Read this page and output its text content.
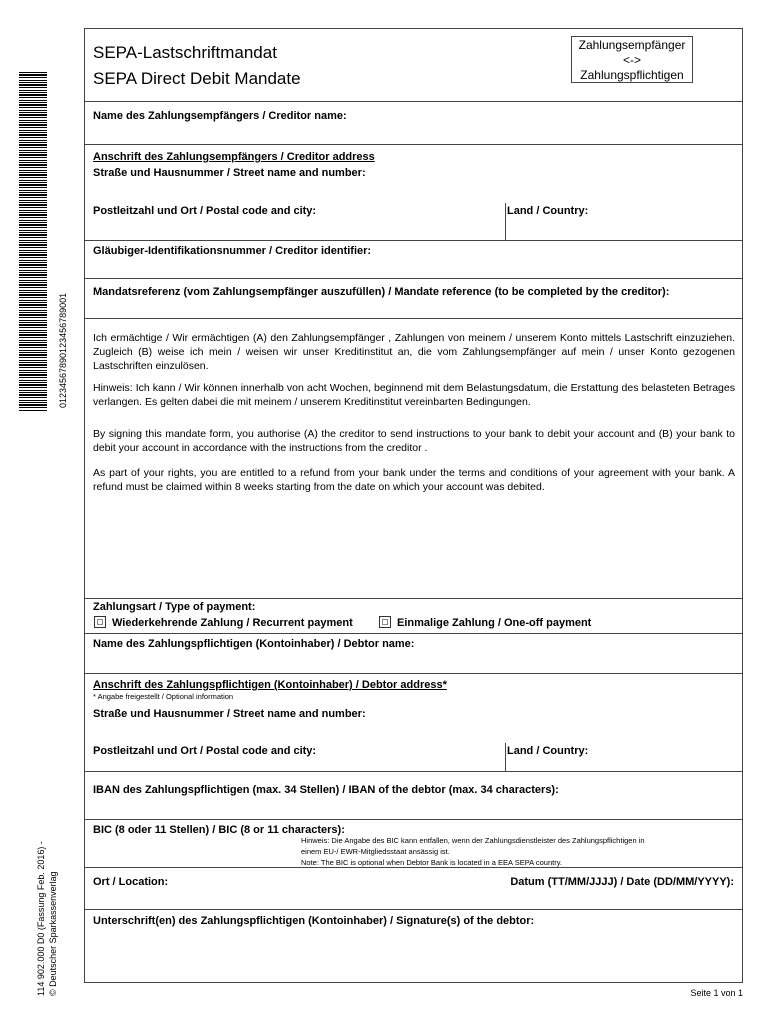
01234567890123456789001
114 902.000 D0 (Fassung Feb. 2016) - © Deutscher Sparkassenverlag
SEPA-Lastschriftmandat
SEPA Direct Debit Mandate
Zahlungsempfänger
<->
Zahlungspflichtigen
Name des Zahlungsempfängers / Creditor name:
Anschrift des Zahlungsempfängers / Creditor address
Straße und Hausnummer / Street name and number:
Postleitzahl und Ort / Postal code and city:	Land / Country:
Gläubiger-Identifikationsnummer / Creditor identifier:
Mandatsreferenz (vom Zahlungsempfänger auszufüllen) / Mandate reference (to be completed by the creditor):
Ich ermächtige / Wir ermächtigen (A) den Zahlungsempfänger , Zahlungen von meinem / unserem Konto mittels Lastschrift einzuziehen. Zugleich (B) weise ich mein / weisen wir unser Kreditinstitut an, die vom Zahlungsempfänger auf mein / unser Konto gezogenen Lastschriften einzulösen.
Hinweis: Ich kann / Wir können innerhalb von acht Wochen, beginnend mit dem Belastungsdatum, die Erstattung des belasteten Betrages verlangen. Es gelten dabei die mit meinem / unserem Kreditinstitut vereinbarten Bedingungen.
By signing this mandate form, you authorise (A) the creditor to send instructions to your bank to debit your account and (B) your bank to debit your account in accordance with the instructions from the creditor .
As part of your rights, you are entitled to a refund from your bank under the terms and conditions of your agreement with your bank. A refund must be claimed within 8 weeks starting from the date on which your account was debited.
Zahlungsart / Type of payment:
Wiederkehrende Zahlung / Recurrent payment	Einmalige Zahlung / One-off payment
Name des Zahlungspflichtigen (Kontoinhaber) / Debtor name:
Anschrift des Zahlungspflichtigen (Kontoinhaber) / Debtor address*
* Angabe freigestellt / Optional information
Straße und Hausnummer / Street name and number:
Postleitzahl und Ort / Postal code and city:	Land / Country:
IBAN des Zahlungspflichtigen (max. 34 Stellen) / IBAN of the debtor (max. 34 characters):
BIC (8 oder 11 Stellen) / BIC (8 or 11 characters):
Hinweis: Die Angabe des BIC kann entfallen, wenn der Zahlungsdienstleister des Zahlungspflichtigen in
einem EU-/ EWR-Mitgliedsstaat ansässig ist.
Note: The BIC is optional when Debtor Bank is located in a EEA SEPA country.
Ort / Location:	Datum (TT/MM/JJJJ) / Date (DD/MM/YYYY):
Unterschrift(en) des Zahlungspflichtigen (Kontoinhaber) / Signature(s) of the debtor:
Seite 1 von 1
